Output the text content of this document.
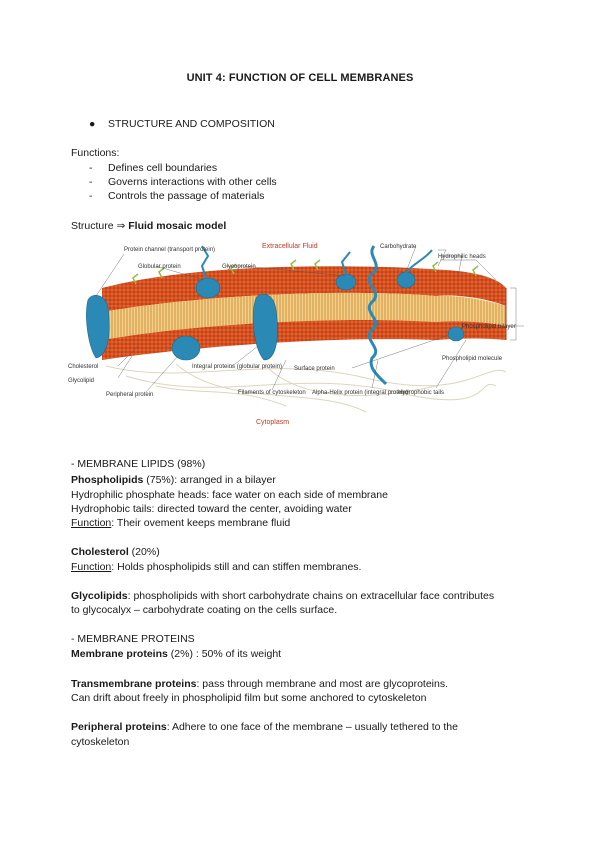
UNIT 4: FUNCTION OF CELL MEMBRANES
● STRUCTURE AND COMPOSITION
Functions:
- Defines cell boundaries
- Governs interactions with other cells
- Controls the passage of materials
Structure ⇒ Fluid mosaic model
Extracellular Fluid
Cytoplasm
Protein channel (transport protein)
Globular protein	Glycoprotein
Carbohydrate
Hydrophilic heads
Phospholipid bilayer
Phospholipid molecule
Cholesterol
Glycolipid
Peripheral protein
Integral proteins (globular protein) Surface protein
Filaments of cytoskeleton Alpha-Helix protein (integral protein)
Hydrophobic tails
- MEMBRANE LIPIDS (98%)
Phospholipids (75%): arranged in a bilayer
Hydrophilic phosphate heads: face water on each side of membrane
Hydrophobic tails: directed toward the center, avoiding water
Function: Their ovement keeps membrane fluid
Cholesterol (20%)
Function: Holds phospholipids still and can stiffen membranes.
Glycolipids: phospholipids with short carbohydrate chains on extracellular face contributes
to glycocalyx – carbohydrate coating on the cells surface.
- MEMBRANE PROTEINS
Membrane proteins (2%) : 50% of its weight
Transmembrane proteins: pass through membrane and most are glycoproteins.
Can drift about freely in phospholipid film but some anchored to cytoskeleton
Peripheral proteins: Adhere to one face of the membrane – usually tethered to the
cytoskeleton
